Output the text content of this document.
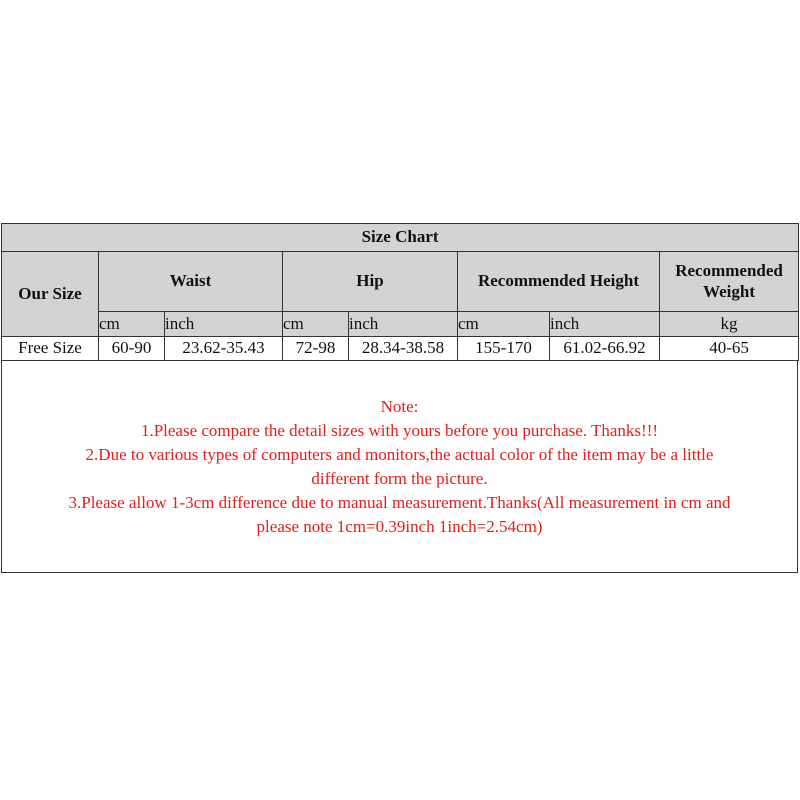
Size Chart							
Our Size	Waist		Hip		Recommended Height		Recommended
Weight
	cm	inch	cm	inch	cm	inch	kg
Free Size	60-90	23.62-35.43	72-98	28.34-38.58	155-170	61.02-66.92	40-65
Note:
1.Please compare the detail sizes with yours before you purchase. Thanks!!!
2.Due to various types of computers and monitors,the actual color of the item may be a little
different form the picture.
3.Please allow 1-3cm difference due to manual measurement.Thanks(All measurement in cm and
please note 1cm=0.39inch 1inch=2.54cm)
